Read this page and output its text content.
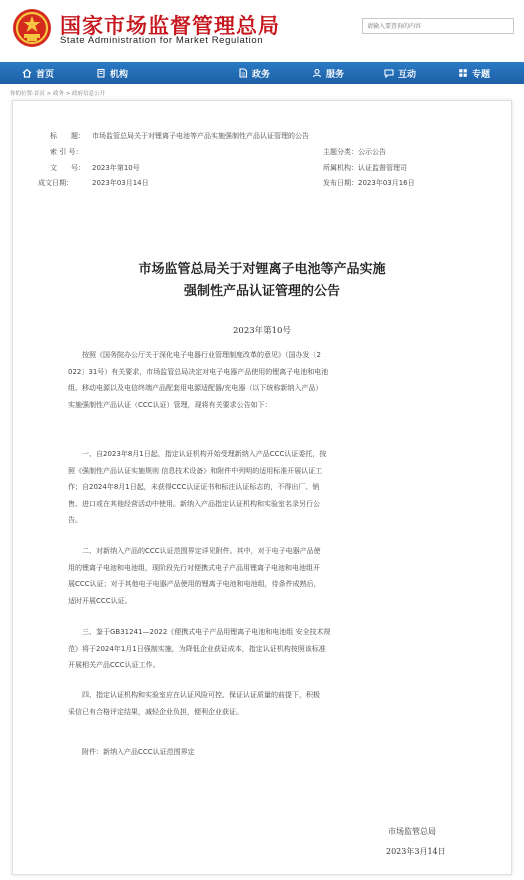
国家市场监督管理总局
State Administration for Market Regulation
请输入要查询的内容
首页	机构	政务	服务	互动	专题
你的位置:首页 > 政务 > 政府信息公开
标　　题：	市场监管总局关于对锂离子电池等产品实施强制性产品认证管理的公告
索 引 号：	主题分类： 公示公告
文　　号：	2023年第10号	所属机构： 认证监督管理司
成文日期：	2023年03月14日	发布日期： 2023年03月16日
市场监管总局关于对锂离子电池等产品实施
强制性产品认证管理的公告
2023年第10号
　　按照《国务院办公厅关于深化电子电器行业管理制度改革的意见》（国办发〔2
022〕31号）有关要求，市场监管总局决定对电子电器产品使用的锂离子电池和电池
组、移动电源以及电信终端产品配套用电源适配器/充电器（以下统称新纳入产品）
实施强制性产品认证（CCC认证）管理，现将有关要求公告如下：
　　一、自2023年8月1日起，指定认证机构开始受理新纳入产品CCC认证委托，按
照《强制性产品认证实施规则 信息技术设备》和附件中列明的适用标准开展认证工
作；自2024年8月1日起，未获得CCC认证证书和标注认证标志的，不得出厂、销
售、进口或在其他经营活动中使用。新纳入产品指定认证机构和实验室名录另行公
告。
　　二、对新纳入产品的CCC认证范围界定详见附件。其中，对于电子电器产品使
用的锂离子电池和电池组，现阶段先行对便携式电子产品用锂离子电池和电池组开
展CCC认证；对于其他电子电器产品使用的锂离子电池和电池组，待条件成熟后，
适时开展CCC认证。
　　三、鉴于GB31241—2022《便携式电子产品用锂离子电池和电池组 安全技术规
范》将于2024年1月1日强制实施，为降低企业获证成本，指定认证机构按照该标准
开展相关产品CCC认证工作。
　　四、指定认证机构和实验室应在认证风险可控、保证认证质量的前提下，积极
采信已有合格评定结果，减轻企业负担，便利企业获证。
　　附件：新纳入产品CCC认证范围界定
市场监管总局
2023年3月14日
